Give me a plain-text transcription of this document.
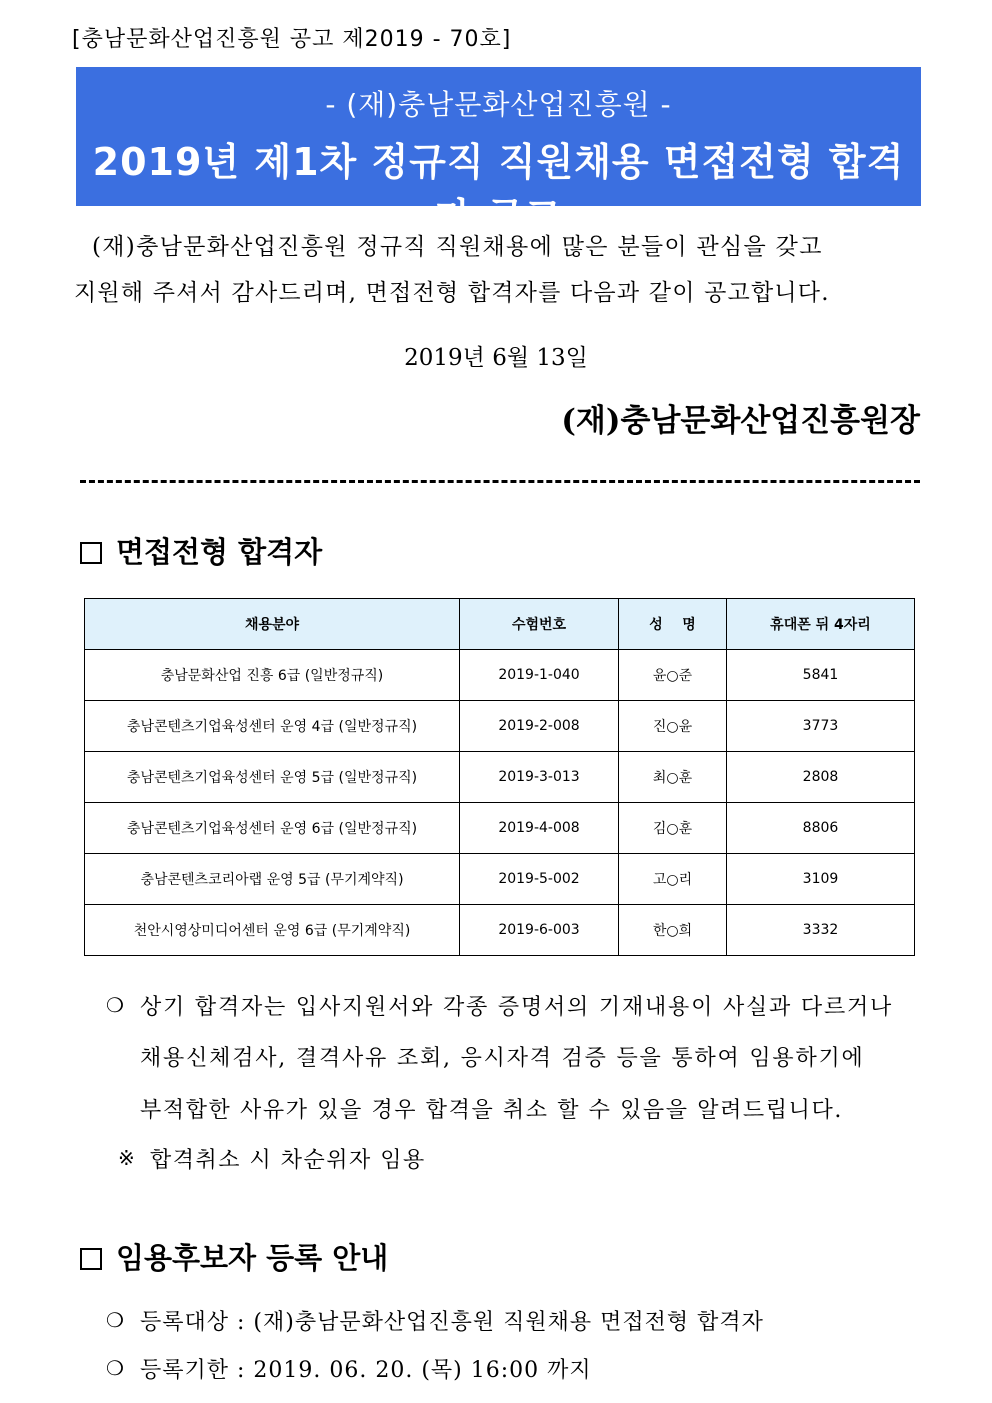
[충남문화산업진흥원 공고 제2019 - 70호]
- (재)충남문화산업진흥원 -
2019년 제1차 정규직 직원채용 면접전형 합격자 공고
(재)충남문화산업진흥원 정규직 직원채용에 많은 분들이 관심을 갖고
지원해 주셔서 감사드리며, 면접전형 합격자를 다음과 같이 공고합니다.
2019년 6월 13일
(재)충남문화산업진흥원장
면접전형 합격자
채용분야	수험번호	성    명	휴대폰 뒤 4자리
충남문화산업 진흥 6급 (일반정규직)	2019-1-040	윤○준	5841
충남콘텐츠기업육성센터 운영 4급 (일반정규직)	2019-2-008	진○윤	3773
충남콘텐츠기업육성센터 운영 5급 (일반정규직)	2019-3-013	최○훈	2808
충남콘텐츠기업육성센터 운영 6급 (일반정규직)	2019-4-008	김○훈	8806
충남콘텐츠코리아랩 운영 5급 (무기계약직)	2019-5-002	고○리	3109
천안시영상미디어센터 운영 6급 (무기계약직)	2019-6-003	한○희	3332
❍ 상기 합격자는 입사지원서와 각종 증명서의 기재내용이 사실과 다르거나
채용신체검사, 결격사유 조회, 응시자격 검증 등을 통하여 임용하기에
부적합한 사유가 있을 경우 합격을 취소 할 수 있음을 알려드립니다.
※ 합격취소 시 차순위자 임용
임용후보자 등록 안내
❍ 등록대상 : (재)충남문화산업진흥원 직원채용 면접전형 합격자
❍ 등록기한 : 2019. 06. 20. (목) 16:00 까지
